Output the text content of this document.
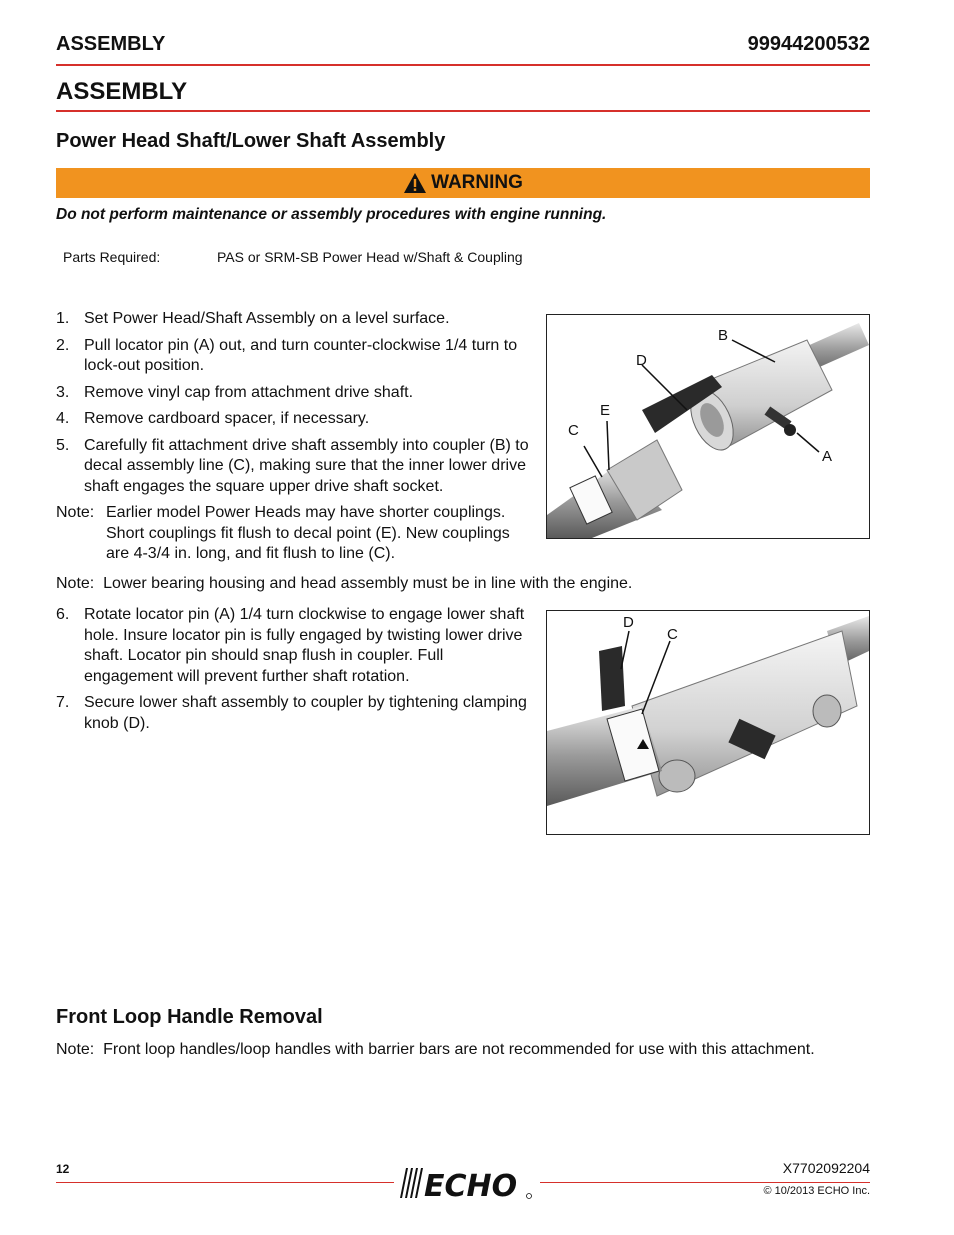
ASSEMBLY	99944200532
ASSEMBLY
Power Head Shaft/Lower Shaft Assembly
WARNING
Do not perform maintenance or assembly procedures with engine running.
Parts Required:	PAS or SRM-SB Power Head w/Shaft & Coupling
1. Set Power Head/Shaft Assembly on a level surface.
2. Pull locator pin (A) out, and turn counter-clockwise 1/4 turn to lock-out position.
3. Remove vinyl cap from attachment drive shaft.
4. Remove cardboard spacer, if necessary.
5. Carefully fit attachment drive shaft assembly into coupler (B) to decal assembly line (C), making sure that the inner lower drive shaft engages the square upper drive shaft socket.
Note: Earlier model Power Heads may have shorter couplings. Short couplings fit flush to decal point (E). New couplings are 4-3/4 in. long, and fit flush to line (C).
Note: Lower bearing housing and head assembly must be in line with the engine.
6. Rotate locator pin (A) 1/4 turn clockwise to engage lower shaft hole. Insure locator pin is fully engaged by twisting lower drive shaft. Locator pin should snap flush in coupler. Full engagement will prevent further shaft rotation.
7. Secure lower shaft assembly to coupler by tightening clamping knob (D).
B
D
E
C
A
D
C
Front Loop Handle Removal
Note: Front loop handles/loop handles with barrier bars are not recommended for use with this attachment.
12	ECHO
X7702092204
© 10/2013 ECHO Inc.
